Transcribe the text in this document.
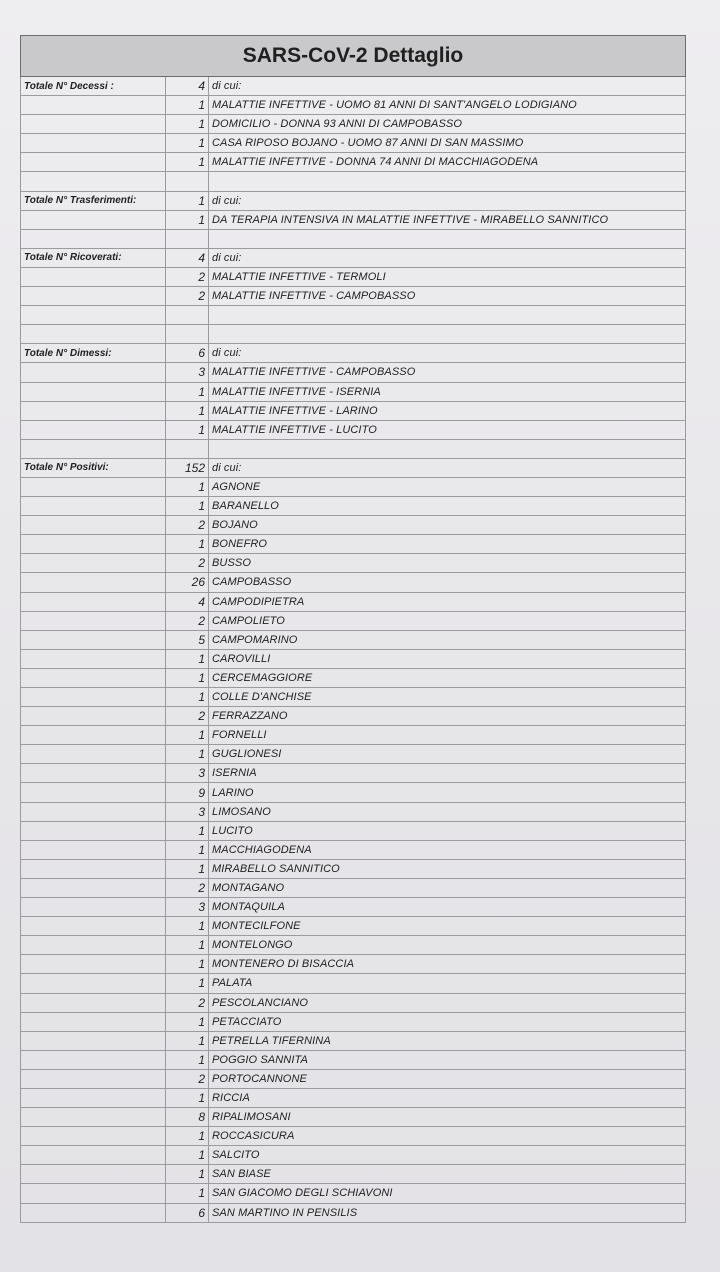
SARS-CoV-2 Dettaglio
Totale N° Decessi :	4	di cui:
	1	MALATTIE INFETTIVE - UOMO 81 ANNI DI SANT'ANGELO LODIGIANO
	1	DOMICILIO - DONNA 93 ANNI DI CAMPOBASSO
	1	CASA RIPOSO BOJANO - UOMO 87 ANNI DI SAN MASSIMO
	1	MALATTIE INFETTIVE - DONNA 74 ANNI DI MACCHIAGODENA

Totale N° Trasferimenti:	1	di cui:
	1	DA TERAPIA INTENSIVA IN MALATTIE INFETTIVE - MIRABELLO SANNITICO

Totale N° Ricoverati:	4	di cui:
	2	MALATTIE INFETTIVE - TERMOLI
	2	MALATTIE INFETTIVE - CAMPOBASSO

Totale N° Dimessi:	6	di cui:
	3	MALATTIE INFETTIVE - CAMPOBASSO
	1	MALATTIE INFETTIVE - ISERNIA
	1	MALATTIE INFETTIVE - LARINO
	1	MALATTIE INFETTIVE - LUCITO

Totale N° Positivi:	152	di cui:
	1	AGNONE
	1	BARANELLO
	2	BOJANO
	1	BONEFRO
	2	BUSSO
	26	CAMPOBASSO
	4	CAMPODIPIETRA
	2	CAMPOLIETO
	5	CAMPOMARINO
	1	CAROVILLI
	1	CERCEMAGGIORE
	1	COLLE D'ANCHISE
	2	FERRAZZANO
	1	FORNELLI
	1	GUGLIONESI
	3	ISERNIA
	9	LARINO
	3	LIMOSANO
	1	LUCITO
	1	MACCHIAGODENA
	1	MIRABELLO SANNITICO
	2	MONTAGANO
	3	MONTAQUILA
	1	MONTECILFONE
	1	MONTELONGO
	1	MONTENERO DI BISACCIA
	1	PALATA
	2	PESCOLANCIANO
	1	PETACCIATO
	1	PETRELLA TIFERNINA
	1	POGGIO SANNITA
	2	PORTOCANNONE
	1	RICCIA
	8	RIPALIMOSANI
	1	ROCCASICURA
	1	SALCITO
	1	SAN BIASE
	1	SAN GIACOMO DEGLI SCHIAVONI
	6	SAN MARTINO IN PENSILIS
